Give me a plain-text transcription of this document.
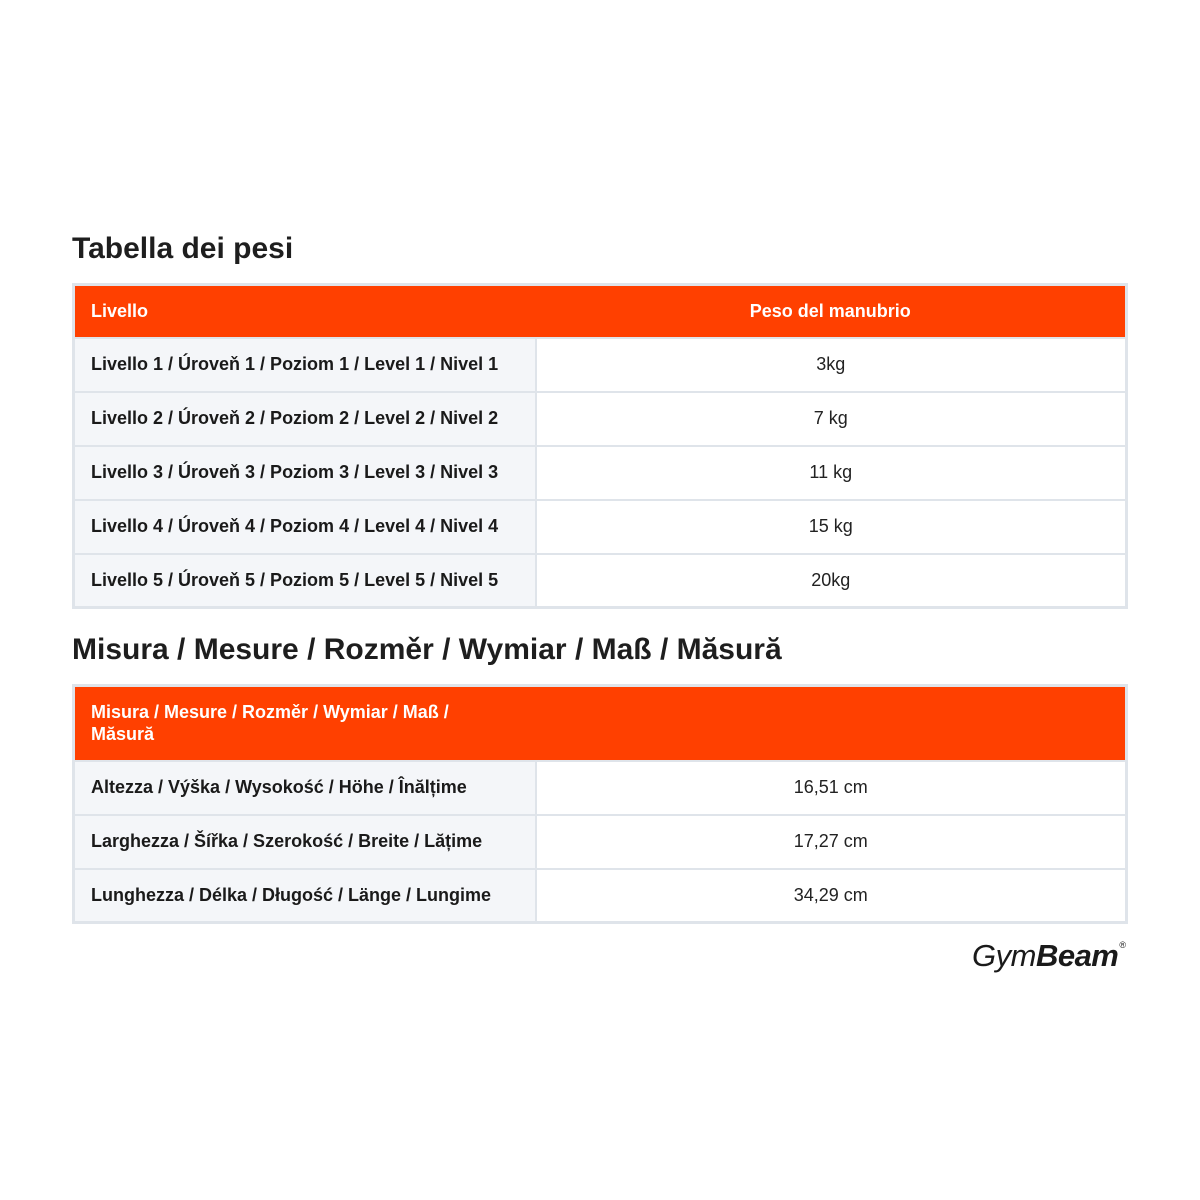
Tabella dei pesi
Livello	Peso del manubrio
Livello 1 / Úroveň 1 / Poziom 1 / Level 1 / Nivel 1	3kg
Livello 2 / Úroveň 2 / Poziom 2 / Level 2 / Nivel 2	7 kg
Livello 3 / Úroveň 3 / Poziom 3 / Level 3 / Nivel 3	11 kg
Livello 4 / Úroveň 4 / Poziom 4 / Level 4 / Nivel 4	15 kg
Livello 5 / Úroveň 5 / Poziom 5 / Level 5 / Nivel 5	20kg
Misura / Mesure / Rozměr / Wymiar / Maß / Măsură
Misura / Mesure / Rozměr / Wymiar / Maß / Măsură	
Altezza / Výška / Wysokość / Höhe / Înălțime	16,51 cm
Larghezza / Šířka / Szerokość / Breite / Lățime	17,27 cm
Lunghezza / Délka / Długość / Länge / Lungime	34,29 cm
GymBeam®
